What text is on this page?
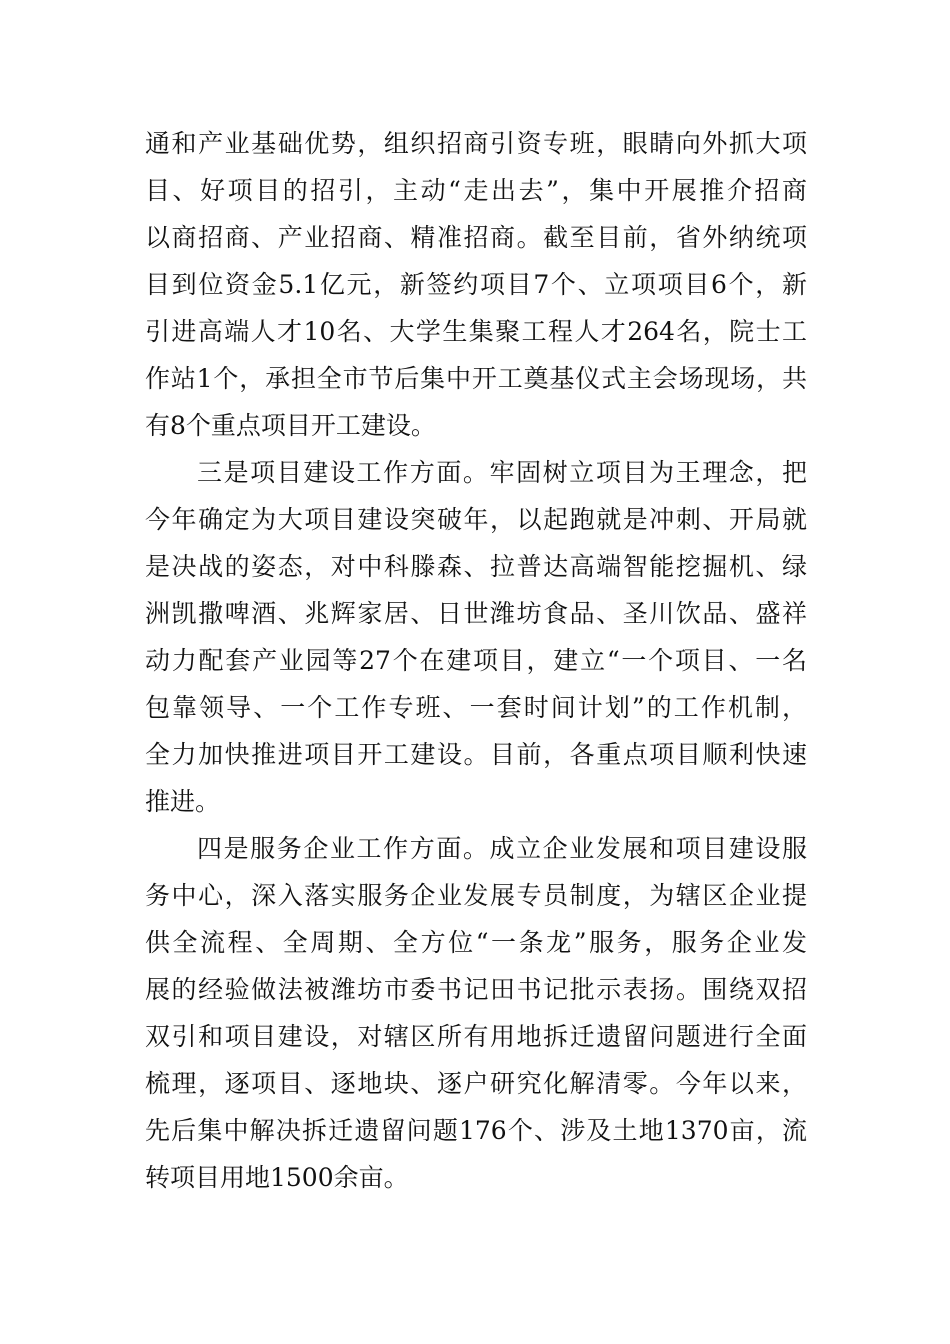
通和产业基础优势，组织招商引资专班，眼睛向外抓大项
目、好项目的招引，主动“走出去”，集中开展推介招商
以商招商、产业招商、精准招商。截至目前，省外纳统项
目到位资金5.1亿元，新签约项目7个、立项项目6个，新
引进高端人才10名、大学生集聚工程人才264名，院士工
作站1个，承担全市节后集中开工奠基仪式主会场现场，共
有8个重点项目开工建设。
三是项目建设工作方面。牢固树立项目为王理念，把
今年确定为大项目建设突破年，以起跑就是冲刺、开局就
是决战的姿态，对中科滕森、拉普达高端智能挖掘机、绿
洲凯撒啤酒、兆辉家居、日世潍坊食品、圣川饮品、盛祥
动力配套产业园等27个在建项目，建立“一个项目、一名
包靠领导、一个工作专班、一套时间计划”的工作机制，
全力加快推进项目开工建设。目前，各重点项目顺利快速
推进。
四是服务企业工作方面。成立企业发展和项目建设服
务中心，深入落实服务企业发展专员制度，为辖区企业提
供全流程、全周期、全方位“一条龙”服务，服务企业发
展的经验做法被潍坊市委书记田书记批示表扬。围绕双招
双引和项目建设，对辖区所有用地拆迁遗留问题进行全面
梳理，逐项目、逐地块、逐户研究化解清零。今年以来，
先后集中解决拆迁遗留问题176个、涉及土地1370亩，流
转项目用地1500余亩。
